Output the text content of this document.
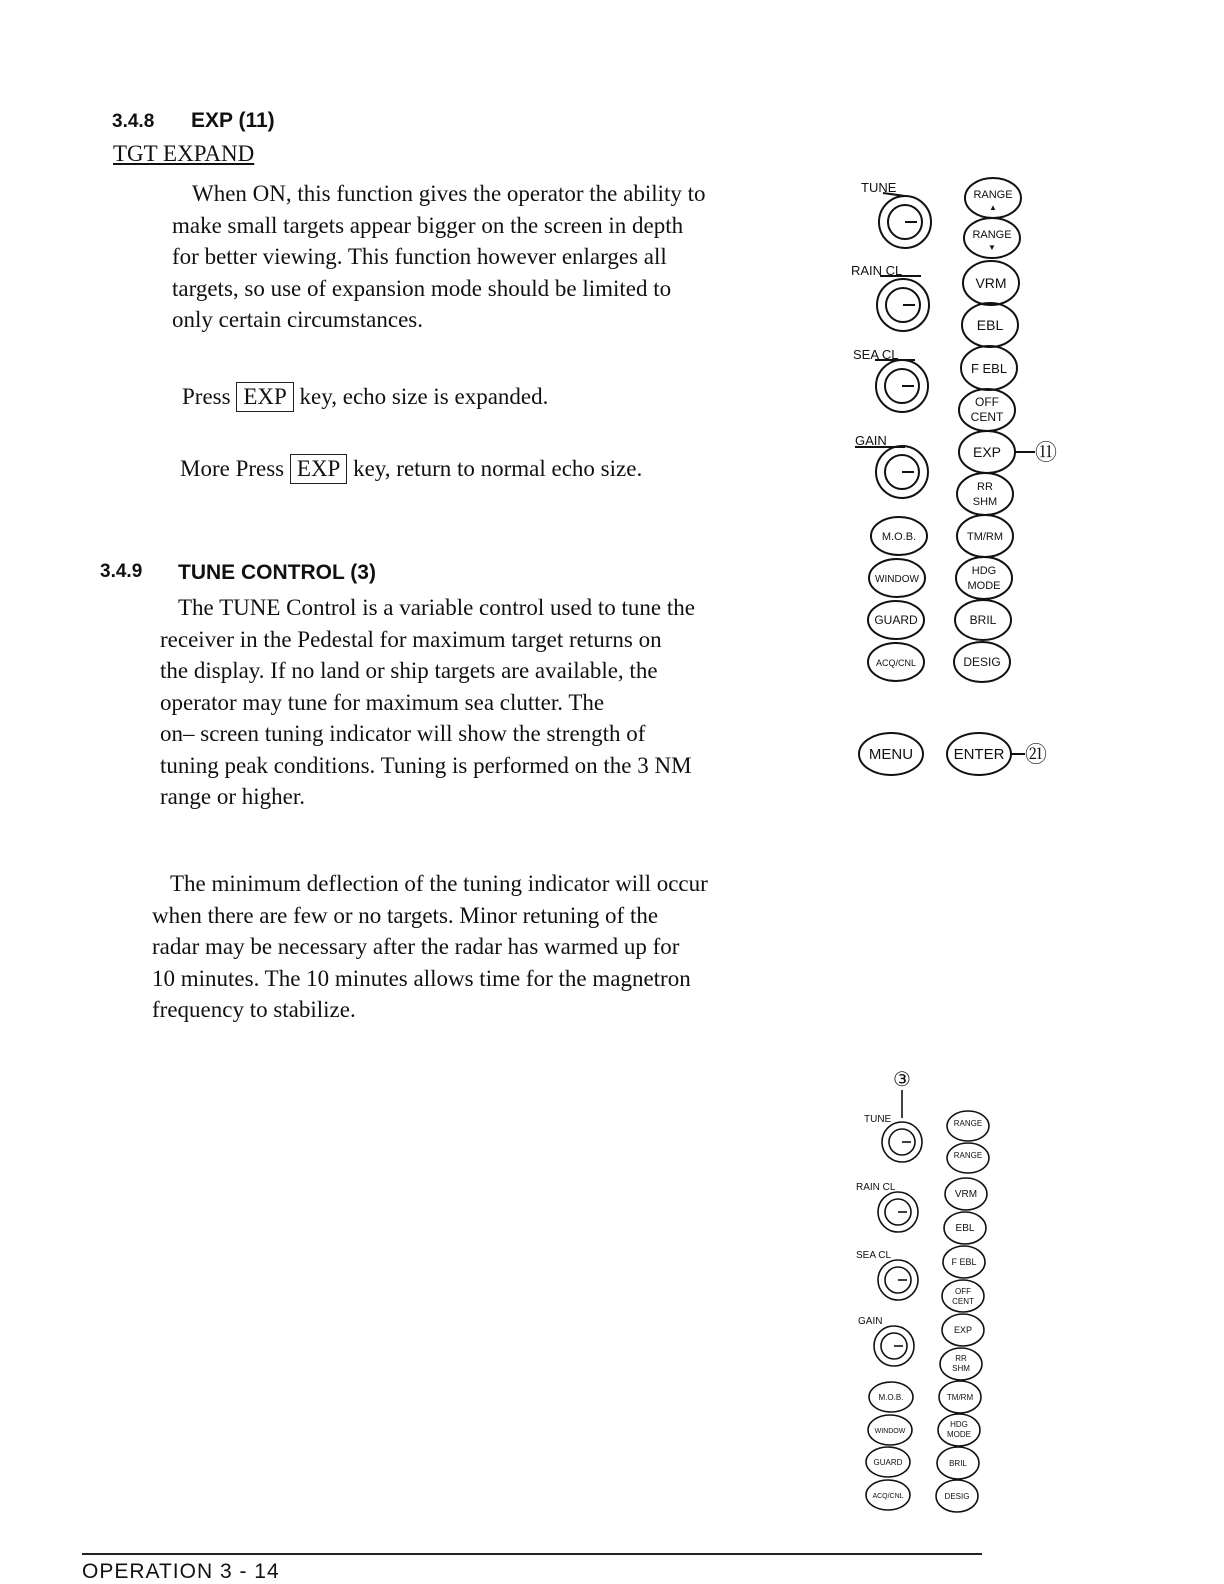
3.4.8 EXP (11)
TGT EXPAND
When ON, this function gives the operator the ability to
make small targets appear bigger on the screen in depth
for better viewing. This function however enlarges all
targets, so use of expansion mode should be limited to
only certain circumstances.
Press EXP key, echo size is expanded.
More Press EXP key, return to normal echo size.
3.4.9 TUNE CONTROL (3)
The TUNE Control is a variable control used to tune the
receiver in the Pedestal for maximum target returns on
the display. If no land or ship targets are available, the
operator may tune for maximum sea clutter. The
on– screen tuning indicator will show the strength of
tuning peak conditions. Tuning is performed on the 3 NM
range or higher.
The minimum deflection of the tuning indicator will occur
when there are few or no targets. Minor retuning of the
radar may be necessary after the radar has warmed up for
10 minutes. The 10 minutes allows time for the magnetron
frequency to stabilize.
TUNE
RAIN CL
SEA CL
GAIN
M.O.B.
WINDOW
GUARD
ACQ/CNL
RANGE
▲
RANGE
▼
VRM
EBL
F EBL
OFF
CENT
EXP
RR
SHM
TM/RM
HDG
MODE
BRIL
DESIG
MENU	ENTER
⑪
㉑
③
TUNE
RAIN CL
SEA CL
GAIN
M.O.B.
WINDOW
GUARD
ACQ/CNL
RANGE
RANGE
VRM
EBL
F EBL
OFF
CENT
EXP
RR
SHM
TM/RM
HDG
MODE
BRIL
DESIG
OPERATION 3 - 14
